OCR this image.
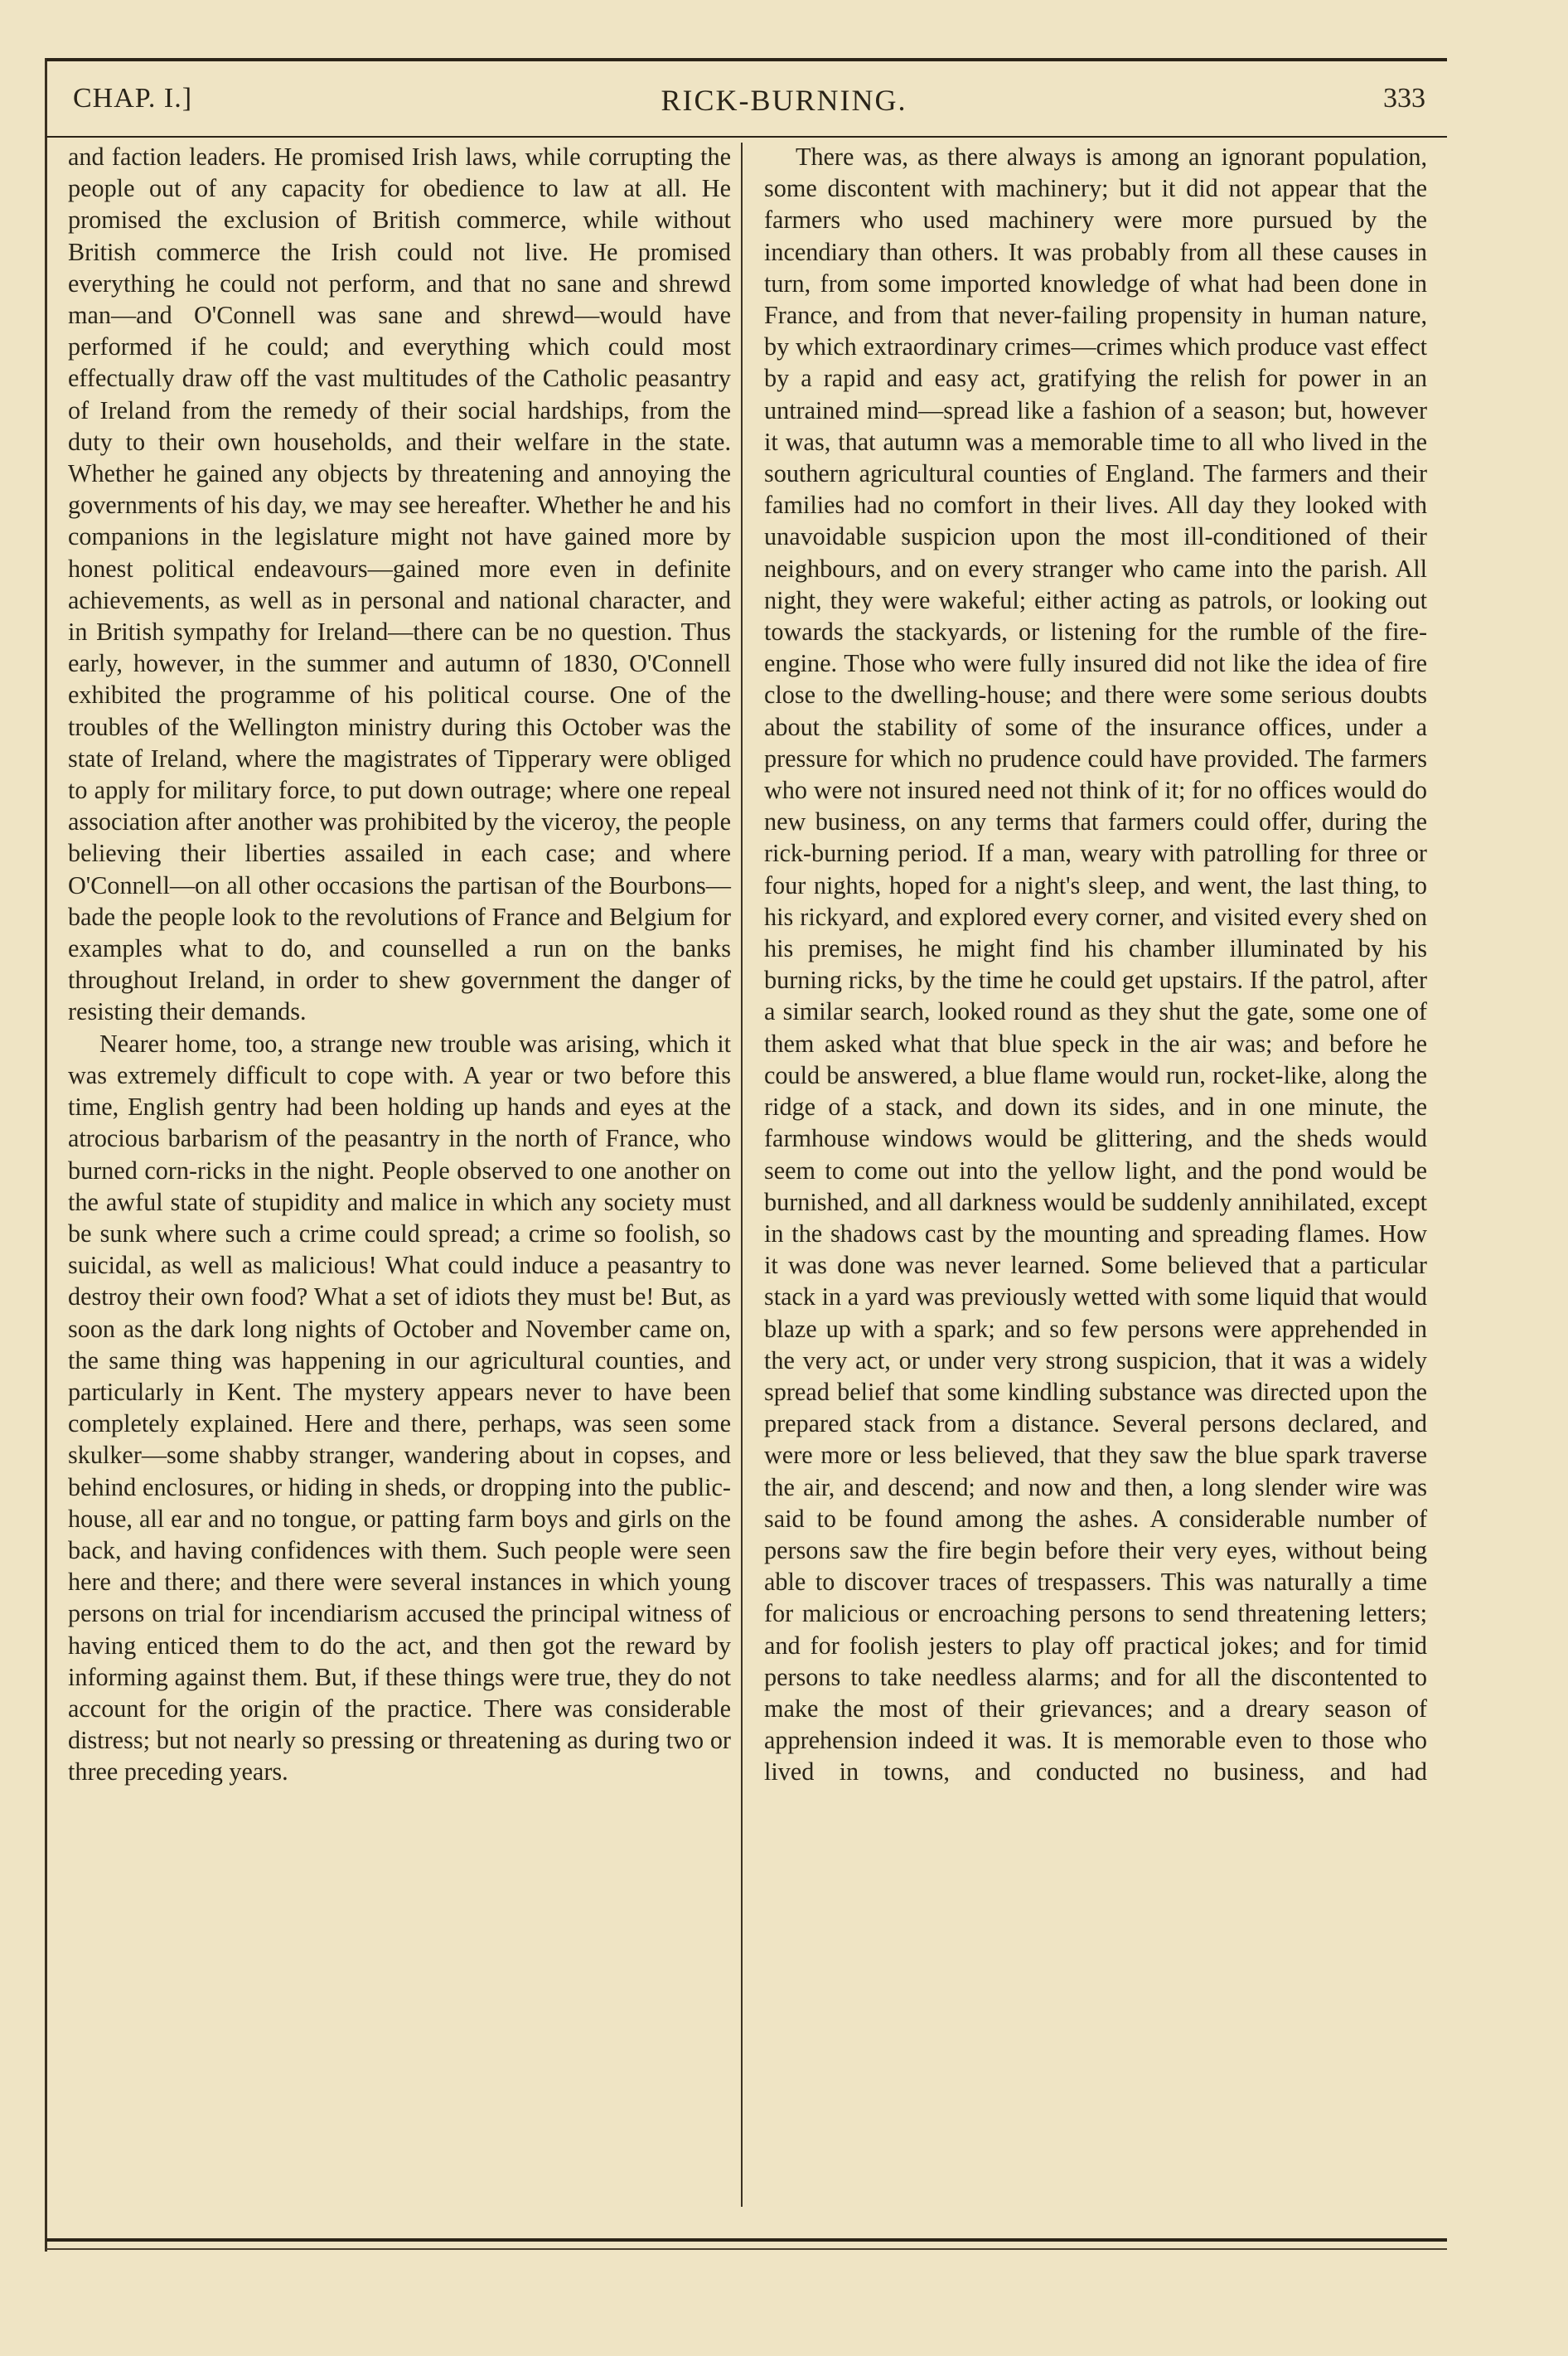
CHAP. I.]	RICK-BURNING.	333

and faction leaders. He promised Irish laws, while corrupting the people out of any capacity for obedience to law at all. He promised the exclusion of British commerce, while without British commerce the Irish could not live. He promised everything he could not perform, and that no sane and shrewd man—and O'Connell was sane and shrewd—would have performed if he could; and everything which could most effectually draw off the vast multitudes of the Catholic peasantry of Ireland from the remedy of their social hardships, from the duty to their own households, and their welfare in the state. Whether he gained any objects by threatening and annoying the governments of his day, we may see hereafter. Whether he and his companions in the legislature might not have gained more by honest political endeavours—gained more even in definite achievements, as well as in personal and national character, and in British sympathy for Ireland—there can be no question. Thus early, however, in the summer and autumn of 1830, O'Connell exhibited the programme of his political course. One of the troubles of the Wellington ministry during this October was the state of Ireland, where the magistrates of Tipperary were obliged to apply for military force, to put down outrage; where one repeal association after another was prohibited by the viceroy, the people believing their liberties assailed in each case; and where O'Connell—on all other occasions the partisan of the Bourbons—bade the people look to the revolutions of France and Belgium for examples what to do, and counselled a run on the banks throughout Ireland, in order to shew government the danger of resisting their demands.

Nearer home, too, a strange new trouble was arising, which it was extremely difficult to cope with. A year or two before this time, English gentry had been holding up hands and eyes at the atrocious barbarism of the peasantry in the north of France, who burned corn-ricks in the night. People observed to one another on the awful state of stupidity and malice in which any society must be sunk where such a crime could spread; a crime so foolish, so suicidal, as well as malicious! What could induce a peasantry to destroy their own food? What a set of idiots they must be! But, as soon as the dark long nights of October and November came on, the same thing was happening in our agricultural counties, and particularly in Kent. The mystery appears never to have been completely explained. Here and there, perhaps, was seen some skulker—some shabby stranger, wandering about in copses, and behind enclosures, or hiding in sheds, or dropping into the public-house, all ear and no tongue, or patting farm boys and girls on the back, and having confidences with them. Such people were seen here and there; and there were several instances in which young persons on trial for incendiarism accused the principal witness of having enticed them to do the act, and then got the reward by informing against them. But, if these things were true, they do not account for the origin of the practice. There was considerable distress; but not nearly so pressing or threatening as during two or three preceding years.

There was, as there always is among an ignorant population, some discontent with machinery; but it did not appear that the farmers who used machinery were more pursued by the incendiary than others. It was probably from all these causes in turn, from some imported knowledge of what had been done in France, and from that never-failing propensity in human nature, by which extraordinary crimes—crimes which produce vast effect by a rapid and easy act, gratifying the relish for power in an untrained mind—spread like a fashion of a season; but, however it was, that autumn was a memorable time to all who lived in the southern agricultural counties of England. The farmers and their families had no comfort in their lives. All day they looked with unavoidable suspicion upon the most ill-conditioned of their neighbours, and on every stranger who came into the parish. All night, they were wakeful; either acting as patrols, or looking out towards the stackyards, or listening for the rumble of the fire-engine. Those who were fully insured did not like the idea of fire close to the dwelling-house; and there were some serious doubts about the stability of some of the insurance offices, under a pressure for which no prudence could have provided. The farmers who were not insured need not think of it; for no offices would do new business, on any terms that farmers could offer, during the rick-burning period. If a man, weary with patrolling for three or four nights, hoped for a night's sleep, and went, the last thing, to his rickyard, and explored every corner, and visited every shed on his premises, he might find his chamber illuminated by his burning ricks, by the time he could get upstairs. If the patrol, after a similar search, looked round as they shut the gate, some one of them asked what that blue speck in the air was; and before he could be answered, a blue flame would run, rocket-like, along the ridge of a stack, and down its sides, and in one minute, the farmhouse windows would be glittering, and the sheds would seem to come out into the yellow light, and the pond would be burnished, and all darkness would be suddenly annihilated, except in the shadows cast by the mounting and spreading flames. How it was done was never learned. Some believed that a particular stack in a yard was previously wetted with some liquid that would blaze up with a spark; and so few persons were apprehended in the very act, or under very strong suspicion, that it was a widely spread belief that some kindling substance was directed upon the prepared stack from a distance. Several persons declared, and were more or less believed, that they saw the blue spark traverse the air, and descend; and now and then, a long slender wire was said to be found among the ashes. A considerable number of persons saw the fire begin before their very eyes, without being able to discover traces of trespassers. This was naturally a time for malicious or encroaching persons to send threatening letters; and for foolish jesters to play off practical jokes; and for timid persons to take needless alarms; and for all the discontented to make the most of their grievances; and a dreary season of apprehension indeed it was. It is memorable even to those who lived in towns, and conducted no business, and had
